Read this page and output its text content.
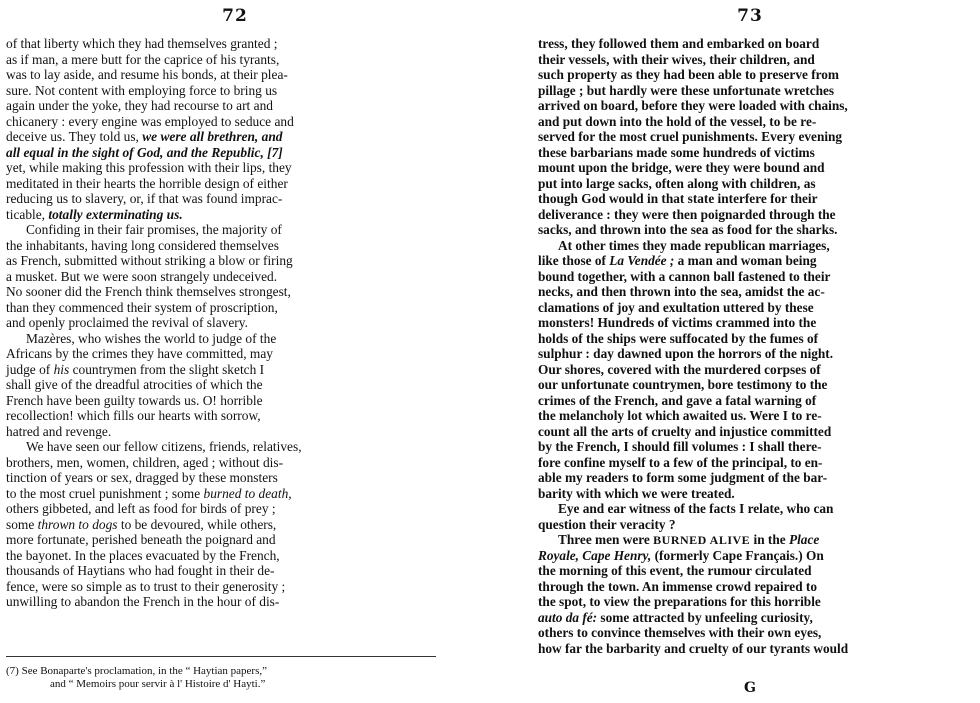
72
of that liberty which they had themselves granted ;
as if man, a mere butt for the caprice of his tyrants,
was to lay aside, and resume his bonds, at their plea-
sure. Not content with employing force to bring us
again under the yoke, they had recourse to art and
chicanery : every engine was employed to seduce and
deceive us. They told us, we were all brethren, and
all equal in the sight of God, and the Republic, [7]
yet, while making this profession with their lips, they
meditated in their hearts the horrible design of either
reducing us to slavery, or, if that was found imprac-
ticable, totally exterminating us.
Confiding in their fair promises, the majority of
the inhabitants, having long considered themselves
as French, submitted without striking a blow or firing
a musket. But we were soon strangely undeceived.
No sooner did the French think themselves strongest,
than they commenced their system of proscription,
and openly proclaimed the revival of slavery.
Mazères, who wishes the world to judge of the
Africans by the crimes they have committed, may
judge of his countrymen from the slight sketch I
shall give of the dreadful atrocities of which the
French have been guilty towards us. O! horrible
recollection! which fills our hearts with sorrow,
hatred and revenge.
We have seen our fellow citizens, friends, relatives,
brothers, men, women, children, aged ; without dis-
tinction of years or sex, dragged by these monsters
to the most cruel punishment ; some burned to death,
others gibbeted, and left as food for birds of prey ;
some thrown to dogs to be devoured, while others,
more fortunate, perished beneath the poignard and
the bayonet. In the places evacuated by the French,
thousands of Haytians who had fought in their de-
fence, were so simple as to trust to their generosity ;
unwilling to abandon the French in the hour of dis-
(7) See Bonaparte's proclamation, in the “ Haytian papers,”
and “ Memoirs pour servir à l' Histoire d' Hayti.”
73
tress, they followed them and embarked on board
their vessels, with their wives, their children, and
such property as they had been able to preserve from
pillage ; but hardly were these unfortunate wretches
arrived on board, before they were loaded with chains,
and put down into the hold of the vessel, to be re-
served for the most cruel punishments. Every evening
these barbarians made some hundreds of victims
mount upon the bridge, were they were bound and
put into large sacks, often along with children, as
though God would in that state interfere for their
deliverance : they were then poignarded through the
sacks, and thrown into the sea as food for the sharks.
At other times they made republican marriages,
like those of La Vendée ; a man and woman being
bound together, with a cannon ball fastened to their
necks, and then thrown into the sea, amidst the ac-
clamations of joy and exultation uttered by these
monsters! Hundreds of victims crammed into the
holds of the ships were suffocated by the fumes of
sulphur : day dawned upon the horrors of the night.
Our shores, covered with the murdered corpses of
our unfortunate countrymen, bore testimony to the
crimes of the French, and gave a fatal warning of
the melancholy lot which awaited us. Were I to re-
count all the arts of cruelty and injustice committed
by the French, I should fill volumes : I shall there-
fore confine myself to a few of the principal, to en-
able my readers to form some judgment of the bar-
barity with which we were treated.
Eye and ear witness of the facts I relate, who can
question their veracity ?
Three men were BURNED ALIVE in the Place
Royale, Cape Henry, (formerly Cape Français.) On
the morning of this event, the rumour circulated
through the town. An immense crowd repaired to
the spot, to view the preparations for this horrible
auto da fé: some attracted by unfeeling curiosity,
others to convince themselves with their own eyes,
how far the barbarity and cruelty of our tyrants would
G
